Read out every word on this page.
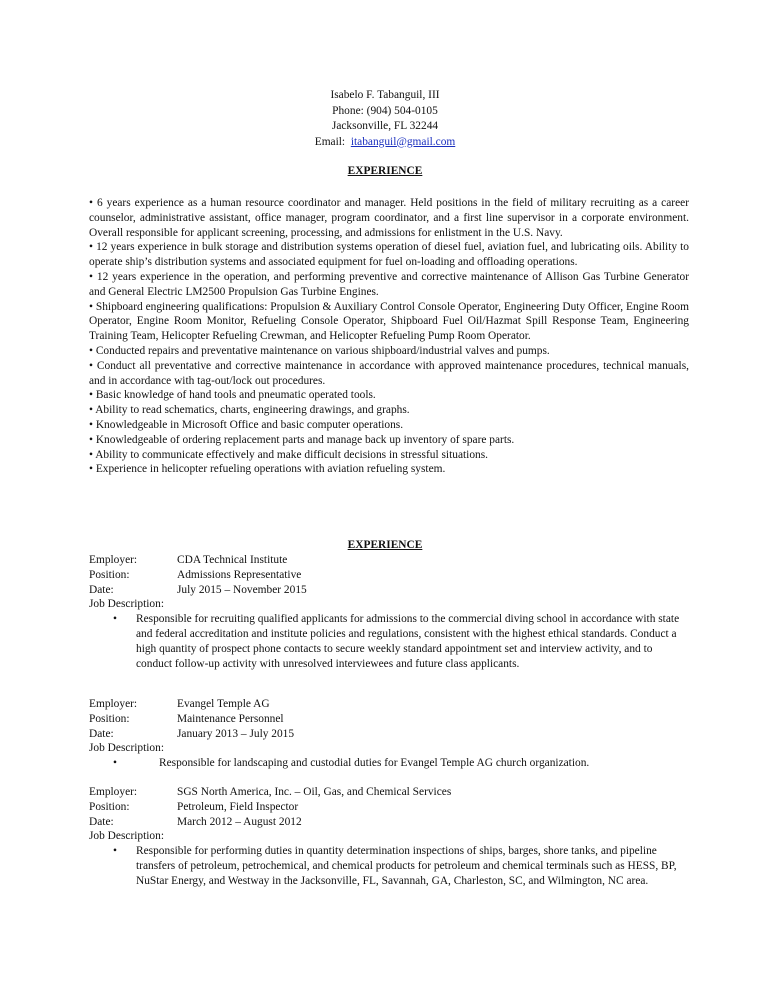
Isabelo F. Tabanguil, III
Phone: (904) 504-0105
Jacksonville, FL 32244
Email: itabanguil@gmail.com
EXPERIENCE

• 6 years experience as a human resource coordinator and manager. Held positions in the field of military recruiting as a career counselor, administrative assistant, office manager, program coordinator, and a first line supervisor in a corporate environment. Overall responsible for applicant screening, processing, and admissions for enlistment in the U.S. Navy.

• 12 years experience in bulk storage and distribution systems operation of diesel fuel, aviation fuel, and lubricating oils. Ability to operate ship’s distribution systems and associated equipment for fuel on-loading and offloading operations.

• 12 years experience in the operation, and performing preventive and corrective maintenance of Allison Gas Turbine Generator and General Electric LM2500 Propulsion Gas Turbine Engines.

• Shipboard engineering qualifications: Propulsion & Auxiliary Control Console Operator, Engineering Duty Officer, Engine Room Operator, Engine Room Monitor, Refueling Console Operator, Shipboard Fuel Oil/Hazmat Spill Response Team, Engineering Training Team, Helicopter Refueling Crewman, and Helicopter Refueling Pump Room Operator.

• Conducted repairs and preventative maintenance on various shipboard/industrial valves and pumps.

• Conduct all preventative and corrective maintenance in accordance with approved maintenance procedures, technical manuals, and in accordance with tag-out/lock out procedures.

• Basic knowledge of hand tools and pneumatic operated tools.

• Ability to read schematics, charts, engineering drawings, and graphs.

• Knowledgeable in Microsoft Office and basic computer operations.

• Knowledgeable of ordering replacement parts and manage back up inventory of spare parts.

• Ability to communicate effectively and make difficult decisions in stressful situations.

• Experience in helicopter refueling operations with aviation refueling system.

EXPERIENCE
Employer:	CDA Technical Institute
Position:	Admissions Representative
Date:	July 2015 – November 2015
Job Description:
• Responsible for recruiting qualified applicants for admissions to the commercial diving school in accordance with state and federal accreditation and institute policies and regulations, consistent with the highest ethical standards. Conduct a high quantity of prospect phone contacts to secure weekly standard appointment set and interview activity, and to conduct follow-up activity with unresolved interviewees and future class applicants.
Employer:	Evangel Temple AG
Position:	Maintenance Personnel
Date:	January 2013 – July 2015
Job Description:
•	Responsible for landscaping and custodial duties for Evangel Temple AG church organization.
Employer:	SGS North America, Inc. – Oil, Gas, and Chemical Services
Position:	Petroleum, Field Inspector
Date:	March 2012 – August 2012
Job Description:
• Responsible for performing duties in quantity determination inspections of ships, barges, shore tanks, and pipeline transfers of petroleum, petrochemical, and chemical products for petroleum and chemical terminals such as HESS, BP, NuStar Energy, and Westway in the Jacksonville, FL, Savannah, GA, Charleston, SC, and Wilmington, NC area.
